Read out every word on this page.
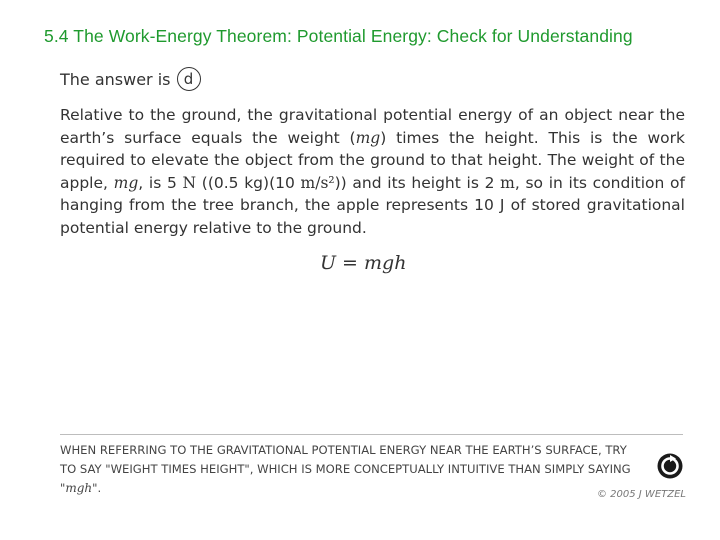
5.4 The Work-Energy Theorem: Potential Energy: Check for Understanding
The answer is d
Relative to the ground, the gravitational potential energy of an object near the earth’s surface equals the weight (mg) times the height. This is the work required to elevate the object from the ground to that height. The weight of the apple, mg, is 5 N ((0.5 kg)(10 m/s²)) and its height is 2 m, so in its condition of hanging from the tree branch, the apple represents 10 J of stored gravitational potential energy relative to the ground.
U = mgh
WHEN REFERRING TO THE GRAVITATIONAL POTENTIAL ENERGY NEAR THE EARTH’S SURFACE, TRY
TO SAY "WEIGHT TIMES HEIGHT", WHICH IS MORE CONCEPTUALLY INTUITIVE THAN SIMPLY SAYING
"mgh".	© 2005 J WETZEL
